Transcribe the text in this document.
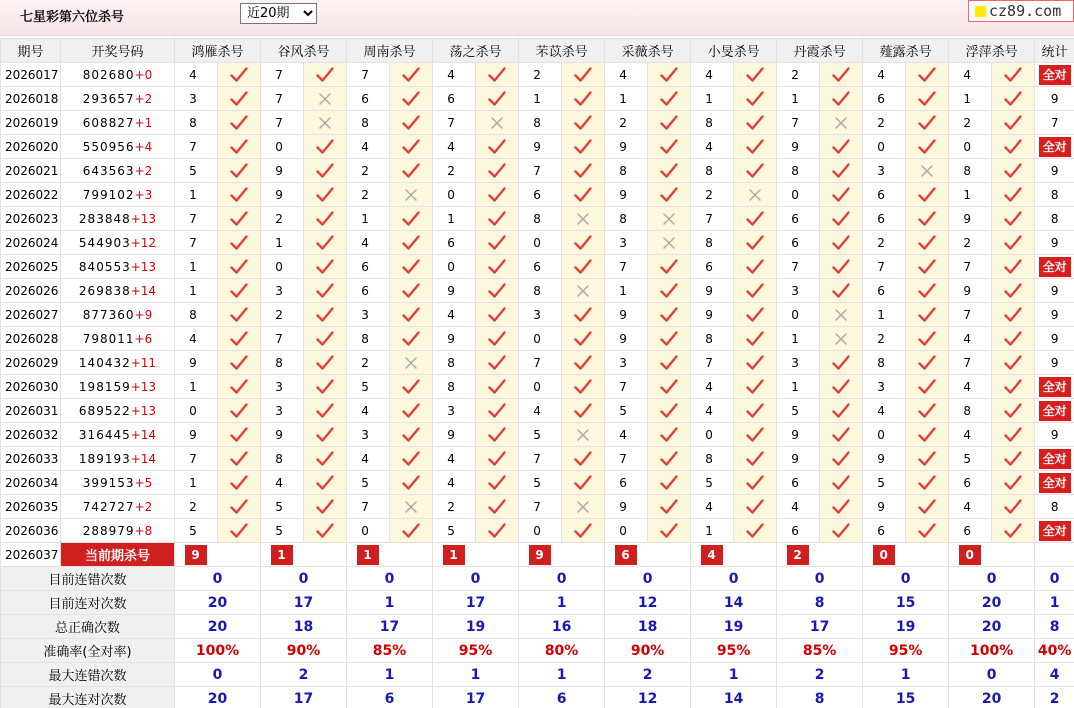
七星彩第六位杀号
近20期	cz89.com
期号	开奖号码	鸿雁杀号		谷风杀号		周南杀号		荡之杀号		芣苡杀号		采薇杀号		小旻杀号		丹霞杀号		薤露杀号		浮萍杀号		统计
2026017	802680+0	4		7		7		4		2		4		4		2		4		4		全对
2026018	293657+2	3		7		6		6		1		1		1		1		6		1		9
2026019	608827+1	8		7		8		7		8		2		8		7		2		2		7
2026020	550956+4	7		0		4		4		9		9		4		9		0		0		全对
2026021	643563+2	5		9		2		2		7		8		8		8		3		8		9
2026022	799102+3	1		9		2		0		6		9		2		0		6		1		8
2026023	283848+13	7		2		1		1		8		8		7		6		6		9		8
2026024	544903+12	7		1		4		6		0		3		8		6		2		2		9
2026025	840553+13	1		0		6		0		6		7		6		7		7		7		全对
2026026	269838+14	1		3		6		9		8		1		9		3		6		9		9
2026027	877360+9	8		2		3		4		3		9		9		0		1		7		9
2026028	798011+6	4		7		8		9		0		9		8		1		2		4		9
2026029	140432+11	9		8		2		8		7		3		7		3		8		7		9
2026030	198159+13	1		3		5		8		0		7		4		1		3		4		全对
2026031	689522+13	0		3		4		3		4		5		4		5		4		8		全对
2026032	316445+14	9		9		3		9		5		4		0		9		0		4		9
2026033	189193+14	7		8		4		4		7		7		8		9		9		5		全对
2026034	399153+5	1		4		5		4		5		6		5		6		5		6		全对
2026035	742727+2	2		5		7		2		7		9		4		4		9		4		8
2026036	288979+8	5		5		0		5		0		0		1		6		6		6		全对
2026037	当前期杀号	9		1		1		1		9		6		4		2		0		0		
目前连错次数		0		0		0		0		0		0		0		0		0		0		0
目前连对次数		20		17		1		17		1		12		14		8		15		20		1
总正确次数		20		18		17		19		16		18		19		17		19		20		8
准确率(全对率)		100%		90%		85%		95%		80%		90%		95%		85%		95%		100%		40%
最大连错次数		0		2		1		1		1		2		1		2		1		0		4
最大连对次数		20		17		6		17		6		12		14		8		15		20		2
